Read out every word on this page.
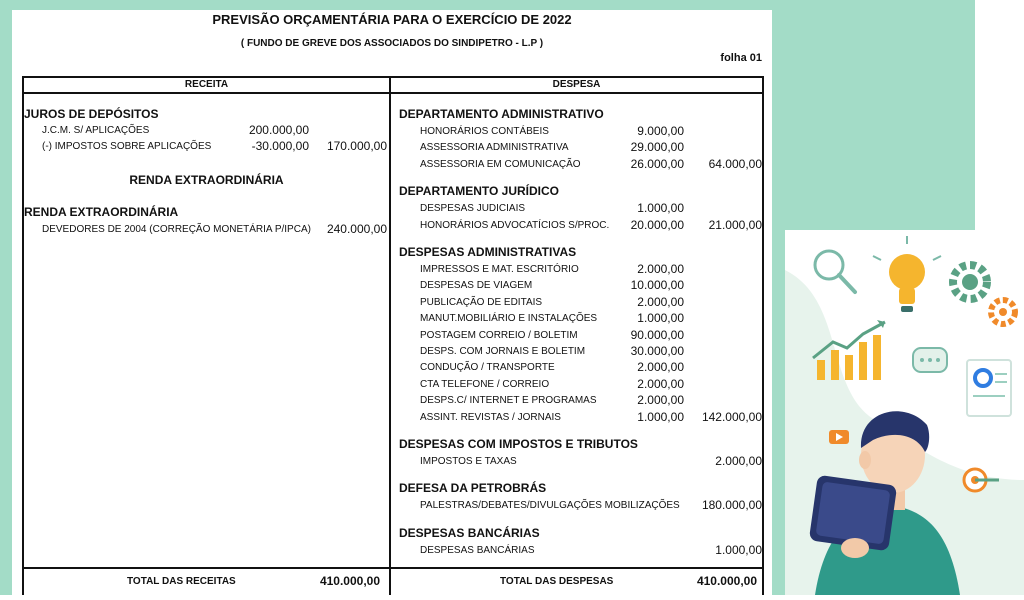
PREVISÃO ORÇAMENTÁRIA PARA O EXERCÍCIO DE 2022
( FUNDO DE GREVE DOS ASSOCIADOS DO SINDIPETRO - L.P )
folha 01
RECEITA	DESPESA
JUROS DE DEPÓSITOS
J.C.M. S/ APLICAÇÕES	200.000,00
(-) IMPOSTOS SOBRE APLICAÇÕES	-30.000,00	170.000,00
RENDA EXTRAORDINÁRIA
RENDA EXTRAORDINÁRIA
DEVEDORES DE 2004 (CORREÇÃO MONETÁRIA P/IPCA)	240.000,00
TOTAL DAS RECEITAS	410.000,00
DEPARTAMENTO ADMINISTRATIVO
HONORÁRIOS CONTÁBEIS	9.000,00
ASSESSORIA ADMINISTRATIVA	29.000,00
ASSESSORIA EM COMUNICAÇÃO	26.000,00	64.000,00
DEPARTAMENTO JURÍDICO
DESPESAS JUDICIAIS	1.000,00
HONORÁRIOS ADVOCATÍCIOS S/PROC.	20.000,00	21.000,00
DESPESAS ADMINISTRATIVAS
IMPRESSOS E MAT. ESCRITÓRIO	2.000,00
DESPESAS DE VIAGEM	10.000,00
PUBLICAÇÃO DE EDITAIS	2.000,00
MANUT.MOBILIÁRIO E INSTALAÇÕES	1.000,00
POSTAGEM CORREIO / BOLETIM	90.000,00
DESPS. COM JORNAIS E BOLETIM	30.000,00
CONDUÇÃO / TRANSPORTE	2.000,00
CTA TELEFONE / CORREIO	2.000,00
DESPS.C/ INTERNET E PROGRAMAS	2.000,00
ASSINT. REVISTAS / JORNAIS	1.000,00	142.000,00
DESPESAS COM IMPOSTOS E TRIBUTOS
IMPOSTOS E TAXAS	2.000,00
DEFESA DA PETROBRÁS
PALESTRAS/DEBATES/DIVULGAÇÕES MOBILIZAÇÕES	180.000,00
DESPESAS BANCÁRIAS
DESPESAS BANCÁRIAS	1.000,00
TOTAL DAS DESPESAS	410.000,00
